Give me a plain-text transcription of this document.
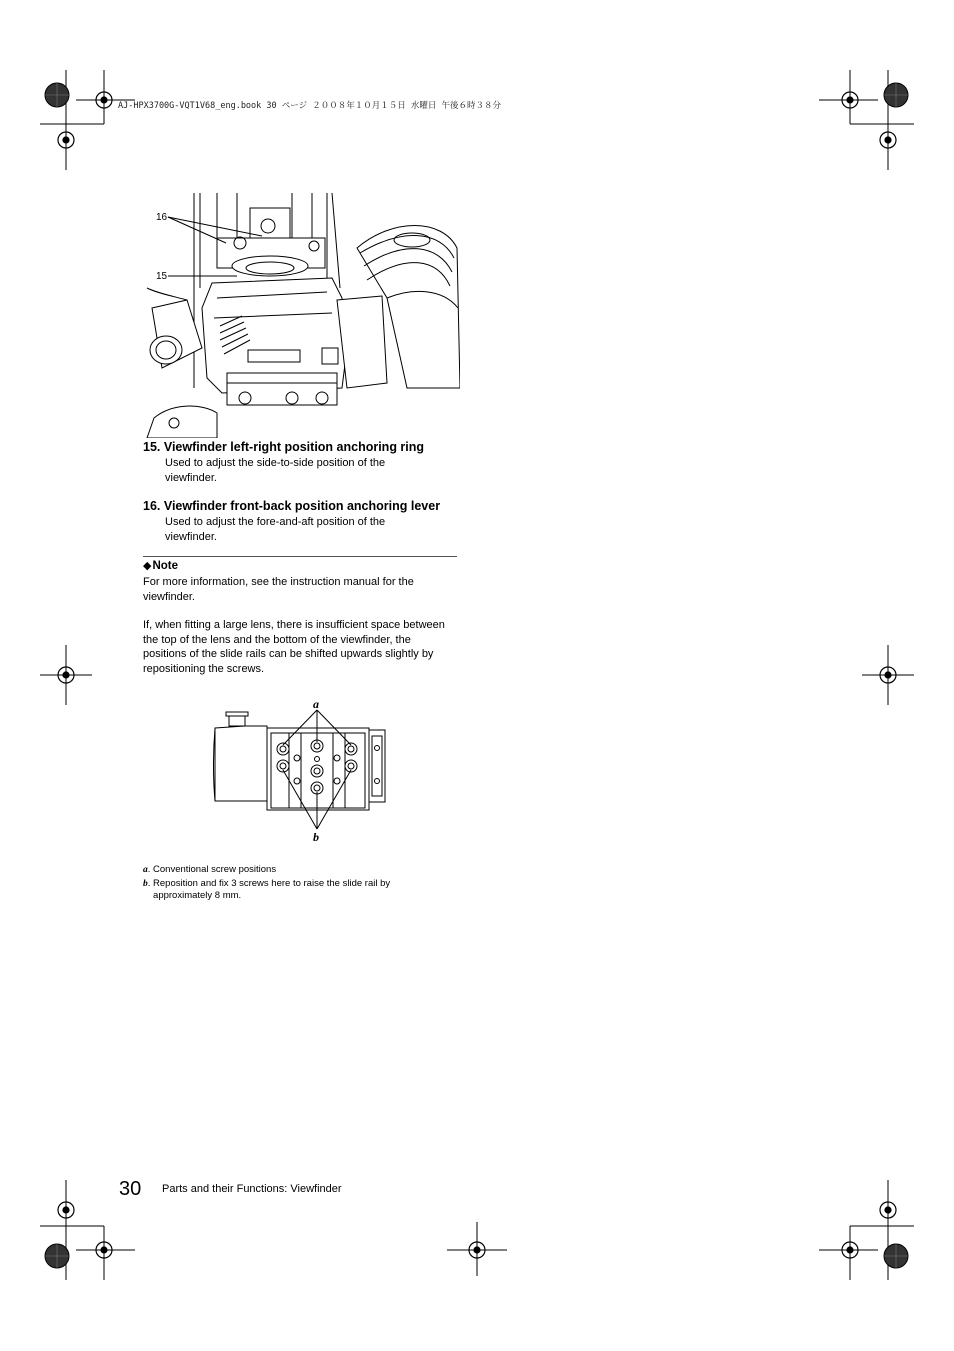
AJ-HPX3700G-VQT1V68_eng.book 30 ページ ２００８年１０月１５日 水曜日 午後６時３８分
16
15
15. Viewfinder left-right position anchoring ring
Used to adjust the side-to-side position of the viewfinder.
16. Viewfinder front-back position anchoring lever
Used to adjust the fore-and-aft position of the viewfinder.
◆Note
For more information, see the instruction manual for the viewfinder.
If, when fitting a large lens, there is insufficient space between the top of the lens and the bottom of the viewfinder, the positions of the slide rails can be shifted upwards slightly by repositioning the screws.
a
b
a. Conventional screw positions
b. Reposition and fix 3 screws here to raise the slide rail by approximately 8 mm.
30 Parts and their Functions: Viewfinder
